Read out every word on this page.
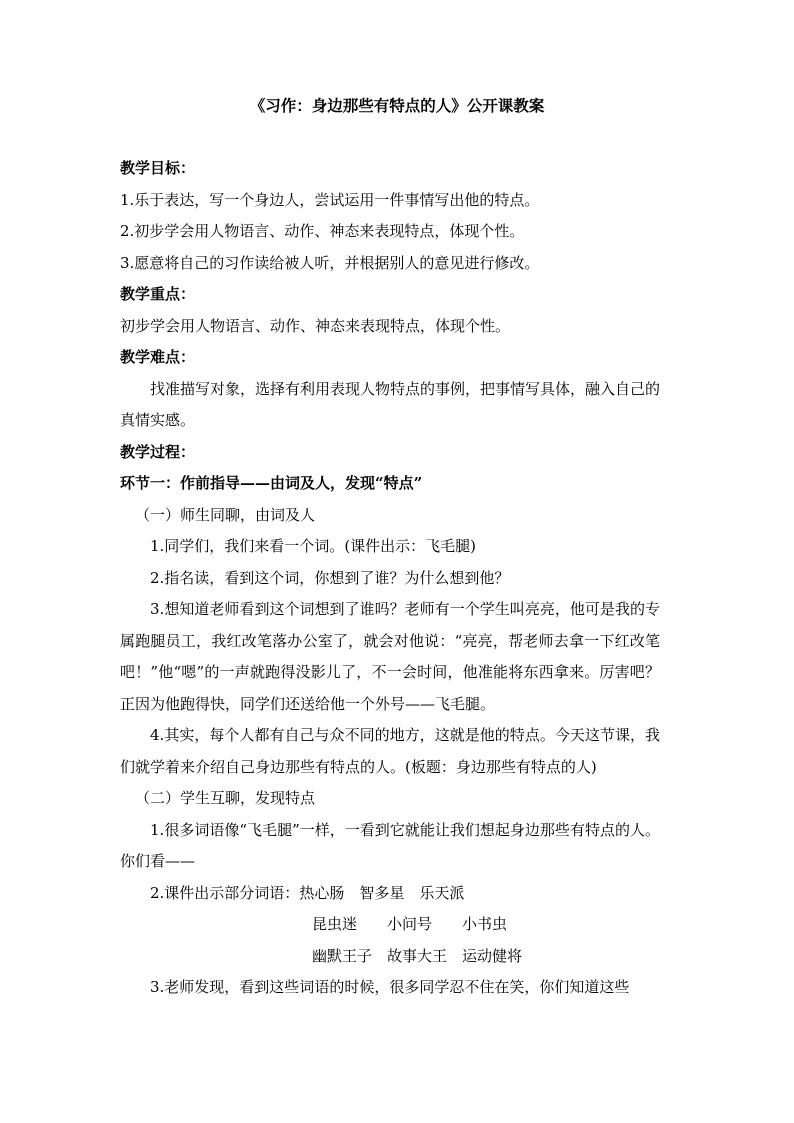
《习作：身边那些有特点的人》公开课教案
教学目标：
1.乐于表达，写一个身边人，尝试运用一件事情写出他的特点。
2.初步学会用人物语言、动作、神态来表现特点，体现个性。
3.愿意将自己的习作读给被人听，并根据别人的意见进行修改。
教学重点：
初步学会用人物语言、动作、神态来表现特点，体现个性。
教学难点：
找准描写对象，选择有利用表现人物特点的事例，把事情写具体，融入自己的真情实感。
教学过程：
环节一：作前指导——由词及人，发现“特点”
（一）师生同聊，由词及人
1.同学们，我们来看一个词。(课件出示：飞毛腿)
2.指名读，看到这个词，你想到了谁？为什么想到他？
3.想知道老师看到这个词想到了谁吗？老师有一个学生叫亮亮，他可是我的专属跑腿员工，我红改笔落办公室了，就会对他说：“亮亮，帮老师去拿一下红改笔吧！”他“嗯”的一声就跑得没影儿了，不一会时间，他准能将东西拿来。厉害吧？正因为他跑得快，同学们还送给他一个外号——飞毛腿。
4.其实，每个人都有自己与众不同的地方，这就是他的特点。今天这节课，我们就学着来介绍自己身边那些有特点的人。(板题：身边那些有特点的人)
（二）学生互聊，发现特点
1.很多词语像“飞毛腿”一样，一看到它就能让我们想起身边那些有特点的人。你们看——
2.课件出示部分词语：热心肠　智多星　乐天派
昆虫迷　　小问号　　小书虫
幽默王子　故事大王　运动健将
3.老师发现，看到这些词语的时候，很多同学忍不住在笑，你们知道这些
